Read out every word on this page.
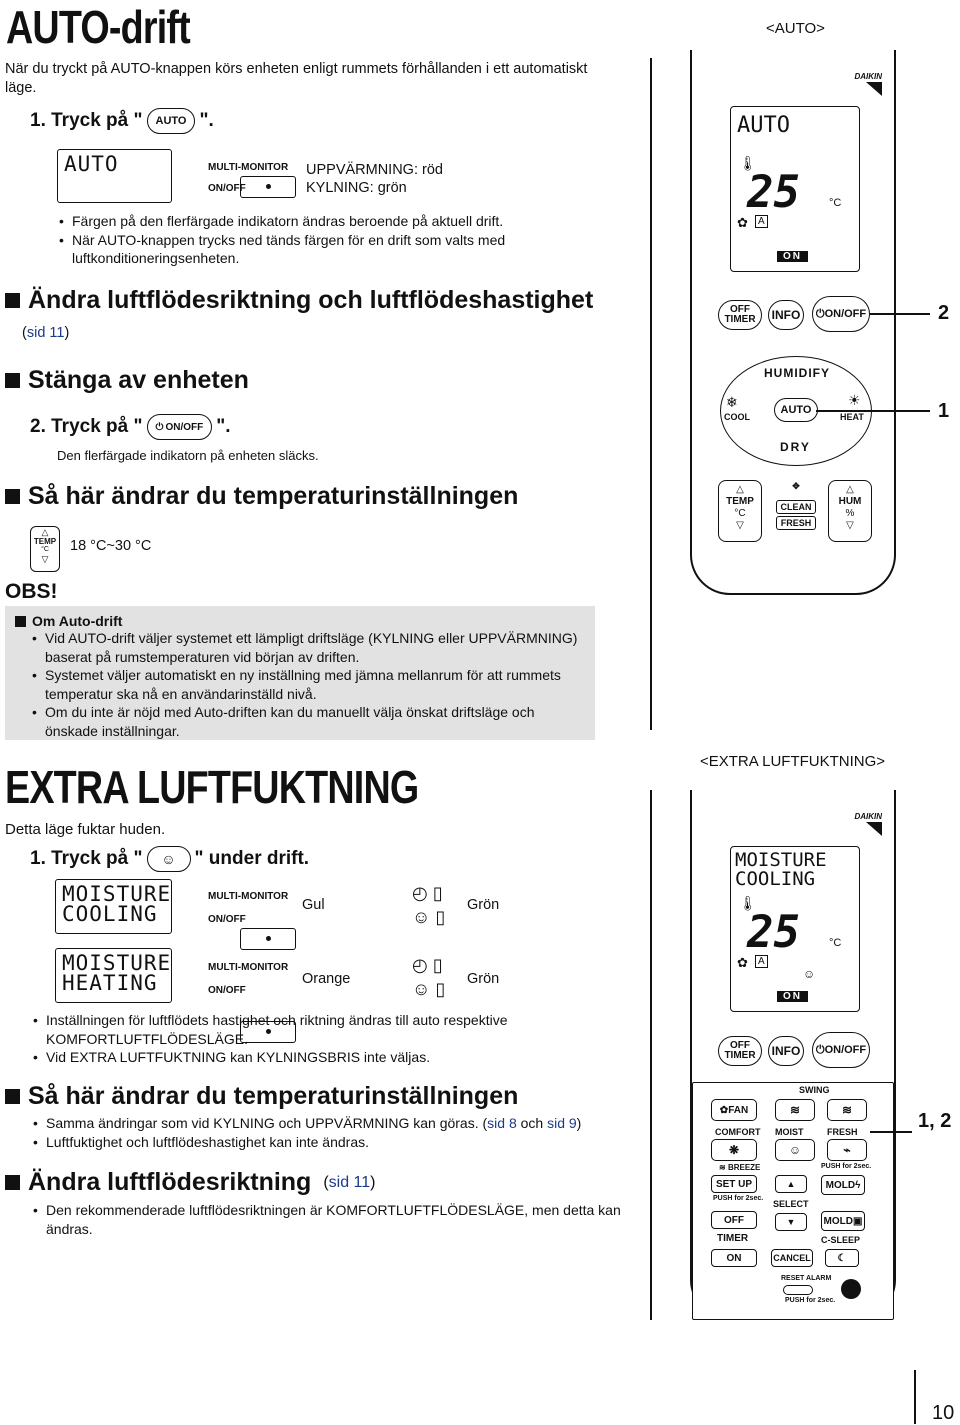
AUTO-drift	<AUTO>
När du tryckt på AUTO-knappen körs enheten enligt rummets förhållanden i ett automatiskt läge.
1. Tryck på "	AUTO ".
AUTO	MULTI-MONITOR
ON/OFF
UPPVÄRMNING: röd
KYLNING: grön
• Färgen på den flerfärgade indikatorn ändras beroende på aktuell drift.
• När AUTO-knappen trycks ned tänds färgen för en drift som valts med luftkonditioneringsenheten.
Ändra luftflödesriktning och luftflödeshastighet
(sid 11)
Stänga av enheten
2. Tryck på " ⏻ ON/OFF ".
Den flerfärgade indikatorn på enheten släcks.
Så här ändrar du temperaturinställningen
△
TEMP
°C
▽
18 °C~30 °C
OBS!
Om Auto-drift
• Vid AUTO-drift väljer systemet ett lämpligt driftsläge (KYLNING eller UPPVÄRMNING) baserat på rumstemperaturen vid början av driften.
• Systemet väljer automatiskt en ny inställning med jämna mellanrum för att rummets temperatur ska nå en användarinställd nivå.
• Om du inte är nöjd med Auto-driften kan du manuellt välja önskat driftsläge och önskade inställningar.
EXTRA LUFTFUKTNING	<EXTRA LUFTFUKTNING>
Detta läge fuktar huden.
1. Tryck på " ☺ " under drift.
MOISTURE
COOLING
MULTI-MONITOR
ON/OFF
Gul
◴ ▯
☺ ▯
Grön
MOISTURE
HEATING
MULTI-MONITOR
ON/OFF
Orange
◴ ▯
☺ ▯ Grön
• Inställningen för luftflödets hastighet och riktning ändras till auto respektive KOMFORTLUFTFLÖDESLÄGE.
• Vid EXTRA LUFTFUKTNING kan KYLNINGSBRIS inte väljas.
Så här ändrar du temperaturinställningen
• Samma ändringar som vid KYLNING och UPPVÄRMNING kan göras. (sid 8 och sid 9)
• Luftfuktighet och luftflödeshastighet kan inte ändras.
Ändra luftflödesriktning (sid 11)
• Den rekommenderade luftflödesriktningen är KOMFORTLUFTFLÖDESLÄGE, men detta kan ändras.
DAIKIN
AUTO
🌡
25	°C
✿	A
ON
OFF
TIMER	INFO	⏻ ON/OFF
HUMIDIFY
❄
COOL
AUTO
☀
HEAT
DRY
△
TEMP
°C
▽
✥
CLEAN
FRESH
△
HUM
%
▽
2
1
DAIKIN
MOISTURE
COOLING
🌡
25	°C
✿	A
☺
ON
OFF
TIMER	INFO	⏻ ON/OFF
SWING
✿ FAN	≋	≋
COMFORT MOIST	FRESH
❋	☺	⌁
≋ BREEZE	PUSH for 2sec.
SET UP
PUSH for 2sec.
▲
SELECT
▼
MOLD ϟ
MOLD ▣
OFF
TIMER
ON	CANCEL
C-SLEEP
☾
RESET ALARM
PUSH for 2sec.
1, 2
10
